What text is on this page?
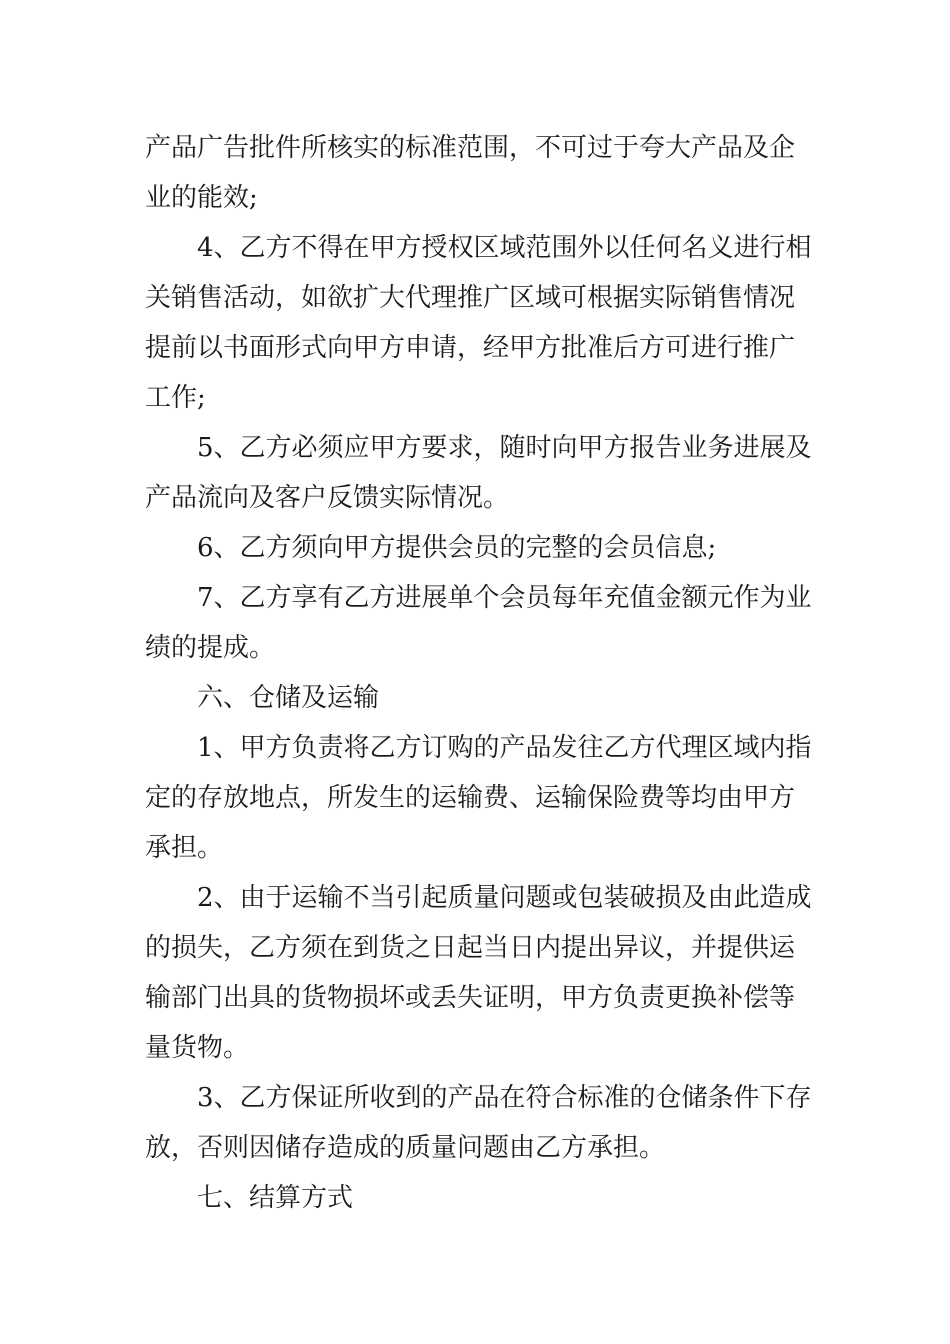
产品广告批件所核实的标准范围，不可过于夸大产品及企
业的能效;
4、乙方不得在甲方授权区域范围外以任何名义进行相
关销售活动，如欲扩大代理推广区域可根据实际销售情况
提前以书面形式向甲方申请，经甲方批准后方可进行推广
工作;
5、乙方必须应甲方要求，随时向甲方报告业务进展及
产品流向及客户反馈实际情况。
6、乙方须向甲方提供会员的完整的会员信息;
7、乙方享有乙方进展单个会员每年充值金额元作为业
绩的提成。
六、仓储及运输
1、甲方负责将乙方订购的产品发往乙方代理区域内指
定的存放地点，所发生的运输费、运输保险费等均由甲方
承担。
2、由于运输不当引起质量问题或包装破损及由此造成
的损失，乙方须在到货之日起当日内提出异议，并提供运
输部门出具的货物损坏或丢失证明，甲方负责更换补偿等
量货物。
3、乙方保证所收到的产品在符合标准的仓储条件下存
放，否则因储存造成的质量问题由乙方承担。
七、结算方式
